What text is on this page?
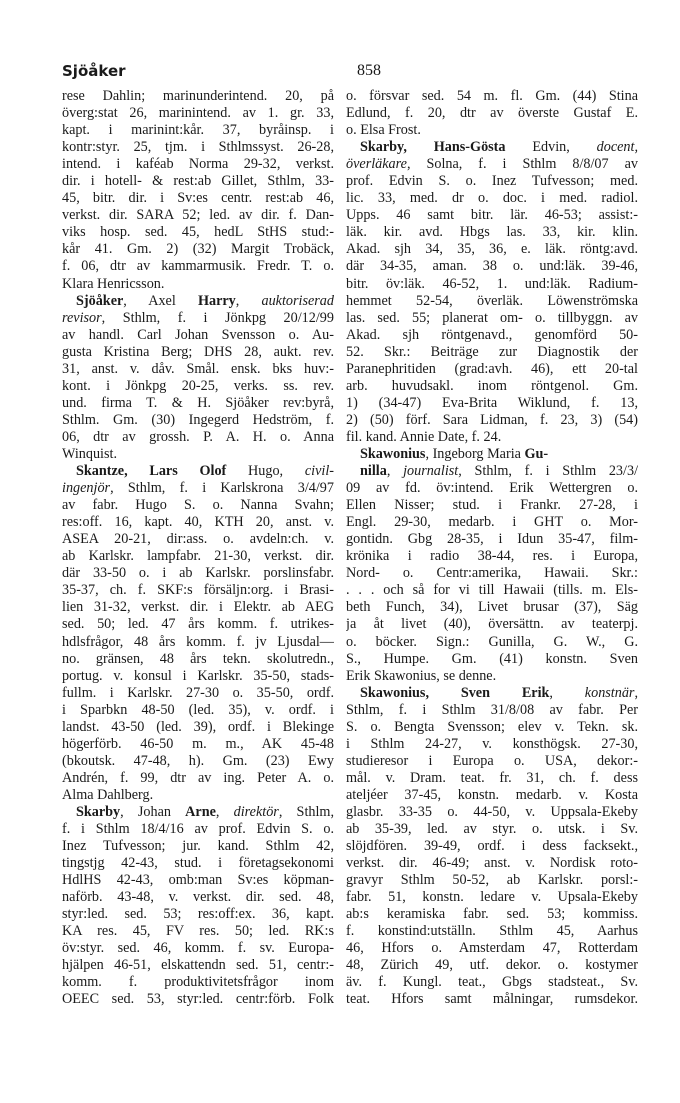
Sjöåker	858
rese Dahlin; marinunderintend. 20, på
överg:stat 26, marinintend. av 1. gr. 33,
kapt. i marinint:kår. 37, byråinsp. i
kontr:styr. 25, tjm. i Sthlmssyst. 26-28,
intend. i kaféab Norma 29-32, verkst.
dir. i hotell- & rest:ab Gillet, Sthlm, 33-
45, bitr. dir. i Sv:es centr. rest:ab 46,
verkst. dir. SARA 52; led. av dir. f. Dan-
viks hosp. sed. 45, hedL StHS stud:-
kår 41. Gm. 2) (32) Margit Trobäck,
f. 06, dtr av kammarmusik. Fredr. T. o.
Klara Henricsson.
Sjöåker, Axel Harry, auktoriserad
revisor, Sthlm, f. i Jönkpg 20/12/99
av handl. Carl Johan Svensson o. Au-
gusta Kristina Berg; DHS 28, aukt. rev.
31, anst. v. dåv. Smål. ensk. bks huv:-
kont. i Jönkpg 20-25, verks. ss. rev.
und. firma T. & H. Sjöåker rev:byrå,
Sthlm. Gm. (30) Ingegerd Hedström, f.
06, dtr av grossh. P. A. H. o. Anna
Winquist.
Skantze, Lars Olof Hugo, civil-
ingenjör, Sthlm, f. i Karlskrona 3/4/97
av fabr. Hugo S. o. Nanna Svahn;
res:off. 16, kapt. 40, KTH 20, anst. v.
ASEA 20-21, dir:ass. o. avdeln:ch. v.
ab Karlskr. lampfabr. 21-30, verkst. dir.
där 33-50 o. i ab Karlskr. porslinsfabr.
35-37, ch. f. SKF:s försäljn:org. i Brasi-
lien 31-32, verkst. dir. i Elektr. ab AEG
sed. 50; led. 47 års komm. f. utrikes-
hdlsfrågor, 48 års komm. f. jv Ljusdal—
no. gränsen, 48 års tekn. skolutredn.,
portug. v. konsul i Karlskr. 35-50, stads-
fullm. i Karlskr. 27-30 o. 35-50, ordf.
i Sparbkn 48-50 (led. 35), v. ordf. i
landst. 43-50 (led. 39), ordf. i Blekinge
högerförb. 46-50 m. m., AK 45-48
(bkoutsk. 47-48, h). Gm. (23) Ewy
Andrén, f. 99, dtr av ing. Peter A. o.
Alma Dahlberg.
Skarby, Johan Arne, direktör, Sthlm,
f. i Sthlm 18/4/16 av prof. Edvin S. o.
Inez Tufvesson; jur. kand. Sthlm 42,
tingstjg 42-43, stud. i företagsekonomi
HdlHS 42-43, omb:man Sv:es köpman-
naförb. 43-48, v. verkst. dir. sed. 48,
styr:led. sed. 53; res:off:ex. 36, kapt.
KA res. 45, FV res. 50; led. RK:s
öv:styr. sed. 46, komm. f. sv. Europa-
hjälpen 46-51, elskattendn sed. 51, centr:-
komm. f. produktivitetsfrågor inom
OEEC sed. 53, styr:led. centr:förb. Folk
o. försvar sed. 54 m. fl. Gm. (44) Stina
Edlund, f. 20, dtr av överste Gustaf E.
o. Elsa Frost.
Skarby, Hans-Gösta Edvin, docent,
överläkare, Solna, f. i Sthlm 8/8/07 av
prof. Edvin S. o. Inez Tufvesson; med.
lic. 33, med. dr o. doc. i med. radiol.
Upps. 46 samt bitr. lär. 46-53; assist:-
läk. kir. avd. Hbgs las. 33, kir. klin.
Akad. sjh 34, 35, 36, e. läk. röntg:avd.
där 34-35, aman. 38 o. und:läk. 39-46,
bitr. öv:läk. 46-52, 1. und:läk. Radium-
hemmet 52-54, överläk. Löwenströmska
las. sed. 55; planerat om- o. tillbyggn. av
Akad. sjh röntgenavd., genomförd 50-
52. Skr.: Beiträge zur Diagnostik der
Paranephritiden (grad:avh. 46), ett 20-tal
arb. huvudsakl. inom röntgenol. Gm.
1) (34-47) Eva-Brita Wiklund, f. 13,
2) (50) förf. Sara Lidman, f. 23, 3) (54)
fil. kand. Annie Date, f. 24.
Skawonius, Ingeborg Maria Gu-
nilla, journalist, Sthlm, f. i Sthlm 23/3/
09 av fd. öv:intend. Erik Wettergren o.
Ellen Nisser; stud. i Frankr. 27-28, i
Engl. 29-30, medarb. i GHT o. Mor-
gontidn. Gbg 28-35, i Idun 35-47, film-
krönika i radio 38-44, res. i Europa,
Nord- o. Centr:amerika, Hawaii. Skr.:
. . . och så for vi till Hawaii (tills. m. Els-
beth Funch, 34), Livet brusar (37), Säg
ja åt livet (40), översättn. av teaterpj.
o. böcker. Sign.: Gunilla, G. W., G.
S., Humpe. Gm. (41) konstn. Sven
Erik Skawonius, se denne.
Skawonius, Sven Erik, konstnär,
Sthlm, f. i Sthlm 31/8/08 av fabr. Per
S. o. Bengta Svensson; elev v. Tekn. sk.
i Sthlm 24-27, v. konsthögsk. 27-30,
studieresor i Europa o. USA, dekor:-
mål. v. Dram. teat. fr. 31, ch. f. dess
ateljéer 37-45, konstn. medarb. v. Kosta
glasbr. 33-35 o. 44-50, v. Uppsala-Ekeby
ab 35-39, led. av styr. o. utsk. i Sv.
slöjdfören. 39-49, ordf. i dess facksekt.,
verkst. dir. 46-49; anst. v. Nordisk roto-
gravyr Sthlm 50-52, ab Karlskr. porsl:-
fabr. 51, konstn. ledare v. Upsala-Ekeby
ab:s keramiska fabr. sed. 53; kommiss.
f. konstind:utställn. Sthlm 45, Aarhus
46, Hfors o. Amsterdam 47, Rotterdam
48, Zürich 49, utf. dekor. o. kostymer
äv. f. Kungl. teat., Gbgs stadsteat., Sv.
teat. Hfors samt målningar, rumsdekor.
